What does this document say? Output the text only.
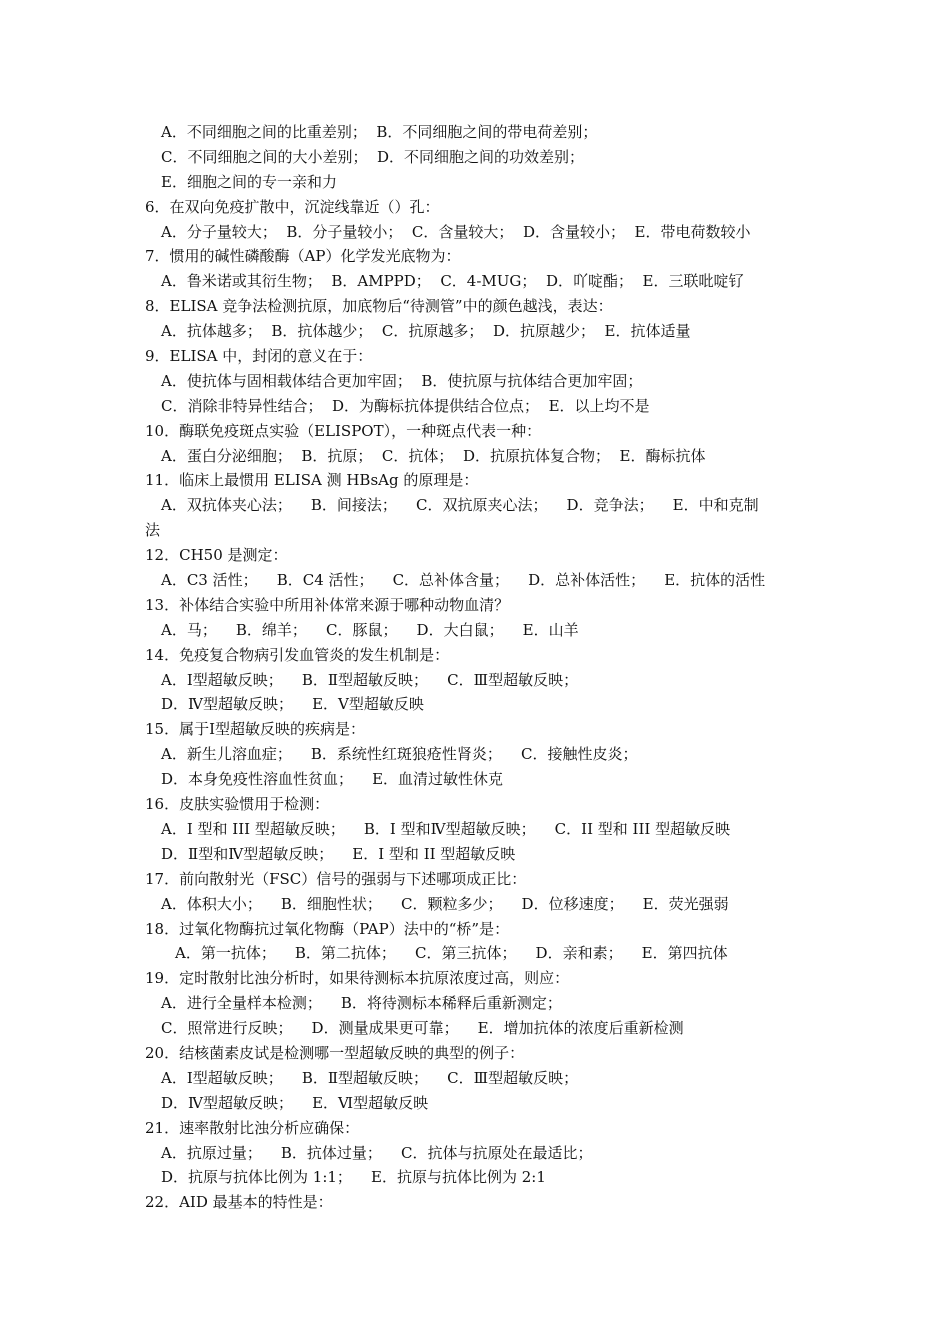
A．不同细胞之间的比重差别；  B．不同细胞之间的带电荷差别；
C．不同细胞之间的大小差别；  D．不同细胞之间的功效差别；
E．细胞之间的专一亲和力
6．在双向免疫扩散中，沉淀线靠近（）孔：
A．分子量较大；  B．分子量较小；  C．含量较大；  D．含量较小；  E．带电荷数较小
7．惯用的碱性磷酸酶（AP）化学发光底物为：
A．鲁米诺或其衍生物；  B．AMPPD；  C．4-MUG；  D．吖啶酯；  E．三联吡啶钌
8．ELISA 竞争法检测抗原，加底物后“待测管”中的颜色越浅，表达：
A．抗体越多；  B．抗体越少；  C．抗原越多；  D．抗原越少；  E．抗体适量
9．ELISA 中，封闭的意义在于：
A．使抗体与固相载体结合更加牢固；  B．使抗原与抗体结合更加牢固；
C．消除非特异性结合；  D．为酶标抗体提供结合位点；  E．以上均不是
10．酶联免疫斑点实验（ELISPOT），一种斑点代表一种：
A．蛋白分泌细胞；  B．抗原；  C．抗体；  D．抗原抗体复合物；  E．酶标抗体
11．临床上最惯用 ELISA 测 HBsAg 的原理是：
A．双抗体夹心法；    B．间接法；    C．双抗原夹心法；    D．竞争法；    E．中和克制
法
12．CH50 是测定：
A．C3 活性；    B．C4 活性；    C．总补体含量；    D．总补体活性；    E．抗体的活性
13．补体结合实验中所用补体常来源于哪种动物血清？
A．马；    B．绵羊；    C．豚鼠；    D．大白鼠；    E．山羊
14．免疫复合物病引发血管炎的发生机制是：
A．Ⅰ型超敏反映；    B．Ⅱ型超敏反映；    C．Ⅲ型超敏反映；
D．Ⅳ型超敏反映；    E．Ⅴ型超敏反映
15．属于Ⅰ型超敏反映的疾病是：
A．新生儿溶血症；    B．系统性红斑狼疮性肾炎；    C．接触性皮炎；
D．本身免疫性溶血性贫血；    E．血清过敏性休克
16．皮肤实验惯用于检测：
A．I 型和 III 型超敏反映；    B．I 型和Ⅳ型超敏反映；    C．II 型和 III 型超敏反映
D．Ⅱ型和Ⅳ型超敏反映；    E．I 型和 II 型超敏反映
17．前向散射光（FSC）信号的强弱与下述哪项成正比：
A．体积大小；    B．细胞性状；    C．颗粒多少；    D．位移速度；    E．荧光强弱
18．过氧化物酶抗过氧化物酶（PAP）法中的“桥”是：
A．第一抗体；    B．第二抗体；    C．第三抗体；    D．亲和素；    E．第四抗体
19．定时散射比浊分析时，如果待测标本抗原浓度过高，则应：
A．进行全量样本检测；    B．将待测标本稀释后重新测定；
C．照常进行反映；    D．测量成果更可靠；    E．增加抗体的浓度后重新检测
20．结核菌素皮试是检测哪一型超敏反映的典型的例子：
A．Ⅰ型超敏反映；    B．Ⅱ型超敏反映；    C．Ⅲ型超敏反映；
D．Ⅳ型超敏反映；    E．Ⅵ型超敏反映
21．速率散射比浊分析应确保：
A．抗原过量；    B．抗体过量；    C．抗体与抗原处在最适比；
D．抗原与抗体比例为 1:1；    E．抗原与抗体比例为 2:1
22．AID 最基本的特性是：
